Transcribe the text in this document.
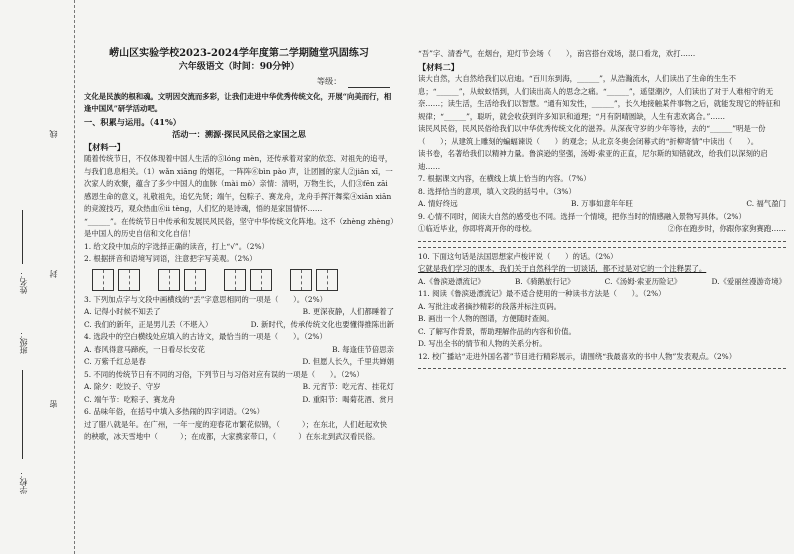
姓名：
班级：
学校：
线
封
密
崂山区实验学校2023-2024学年度第二学期随堂巩固练习
六年级语文（时间：90分钟）
等级：
文化是民族的根和魂。文明因交流而多彩，让我们走进中华优秀传统文化，开展“向美而行，相逢中国风”研学活动吧。
一、积累与运用。（41%）
活动一：溯源·探民风民俗之家国之思
【材料一】
随着传统节日，不仅体现着中国人生活的⑤lóng mèn，还传承着对家的依恋、对祖先的追寻，与我们息息相关。（1）wǎn xiāng 的烟花，一阵阵⑥bìn pào 声，让团圆的家人②jiān xī，一次家人的欢聚，蕴含了多少中国人的血脉（mài mò）亲情：清明，万物生长，人们③fēn zāi 感恩生命的意义，礼敬祖先，追忆先贤；端午，包粽子、赛龙舟，龙舟手挥汗舞桨④xiān xiān 的竞渡技巧，观众热血⑥ii tèng，人们忆的是诗魂，悟的是家国情怀……
“______”。在传统节日中传承和发展民风民俗，坚守中华传统文化阵地。这不（zhèng zhèng）是中国人的历史自信和文化自信！
1. 给文段中加点的字选择正确的读音，打上“√”。（2%）
2. 根据拼音和语境写词语，注意把字写美观。（2%）
3. 下列加点字与文段中画横线的“丢”字意思相同的一项是（　　）。（2%）
A. 记得小时候不知丢了	B. 更深夜静，人们都睡着了
C. 我们的新年，正是男儿丢（不堪入）	D. 新时代，传承传统文化也要懂得推陈出新
4. 选段中的空白横线处应填入的古诗文，最恰当的一项是（　　）。（2%）
A. 春风得意马蹄疾，一日看尽长安花	B. 每逢佳节倍思亲
C. 万紫千红总是春	D. 但愿人长久，千里共婵娟
5. 不同的传统节日有不同的习俗，下列节日与习俗对应有误的一项是（　　）。（2%）
A. 除夕：吃饺子、守岁	B. 元宵节：吃元宵、挂花灯
C. 端午节：吃粽子、赛龙舟	D. 重阳节：喝菊花酒、赏月
6. 品味年俗，在括号中填入多热闹的四字词语。（2%）
过了腊八就是年。在广州，一年一度的迎春花市繁花似锦，（　　　）；在东北，人们赶起欢快的秧歌，冰天雪地中（　　　）；在成都，大家携家带口，（　　　）在东北到武汉看民俗。
“吾”字、清香气，在烟台，迎灯节会场（　　），南宫搭台戏场，混口看龙，欢打……
【材料二】
读大自然，大自然给我们以启迪。“百川东到海，______”，从浩瀚流水，人们读出了生命的生生不息；“______”，从蚊蚁悟到，人们读出高人的思念之痛。“______”，遥望潮汐，人们读出了对于人难相守的无奈……；读生活，生活给我们以智慧。“通有知发性，______”，长久地接触某件事物之后，就能发现它的特征和规律；“______”，聪听，就会收获到许多知识和道理；“月有阴晴圆缺，人生有悲欢离合。”……
读民风民俗，民风民俗给我们以中华优秀传统文化的滋养。从深夜守岁的少年等待，去的“______”明是一份（　　）；从建筑上雕刻的蝙蝠谏说（　　）的观念；从北京冬奥会闭幕式的“折柳寄情”中读出（　　）。
读书卷，名著给我们以精神力量。鲁滨逊的坚强，汤姆·索亚的正直，尼尔斯的知错就改，给我们以深刻的启迪……
7. 根据课文内容，在横线上填上恰当的内容。（7%）
8. 选择恰当的意项，填入文段的括号中。（3%）
A. 情好终远	B. 万事如意年年旺	C. 福气盈门
9. 心情不同时，阅读大自然的感受也不同。选择一个情境，把你当时的情感融入景物写具体。（2%）
①临近毕业，你即将离开你的母校。	②你在跑步时，你跟你家狗赛跑……
10. 下面这句话是法国思想家卢梭评说（　　）的话。（2%）
它就是我们学习的课本，我们关于自然科学的一切谈话，都不过是对它的一个注释罢了。
A.《鲁滨逊漂流记》	B.《骑鹅旅行记》	C.《汤姆·索亚历险记》	D.《爱丽丝漫游奇境》
11. 阅读《鲁滨逊漂流记》最不适合使用的一种读书方法是（　　）。（2%）
A. 写批注或者摘抄精彩的段落并标注页码。
B. 画出一个人物的图谱，方便随时查阅。
C. 了解写作背景，帮助理解作品的内容和价值。
D. 写出全书的情节和人物的关系分析。
12. 校广播站“走进外国名著”节目进行精彩展示，请围绕“我最喜欢的书中人物”发表观点。（2%）
